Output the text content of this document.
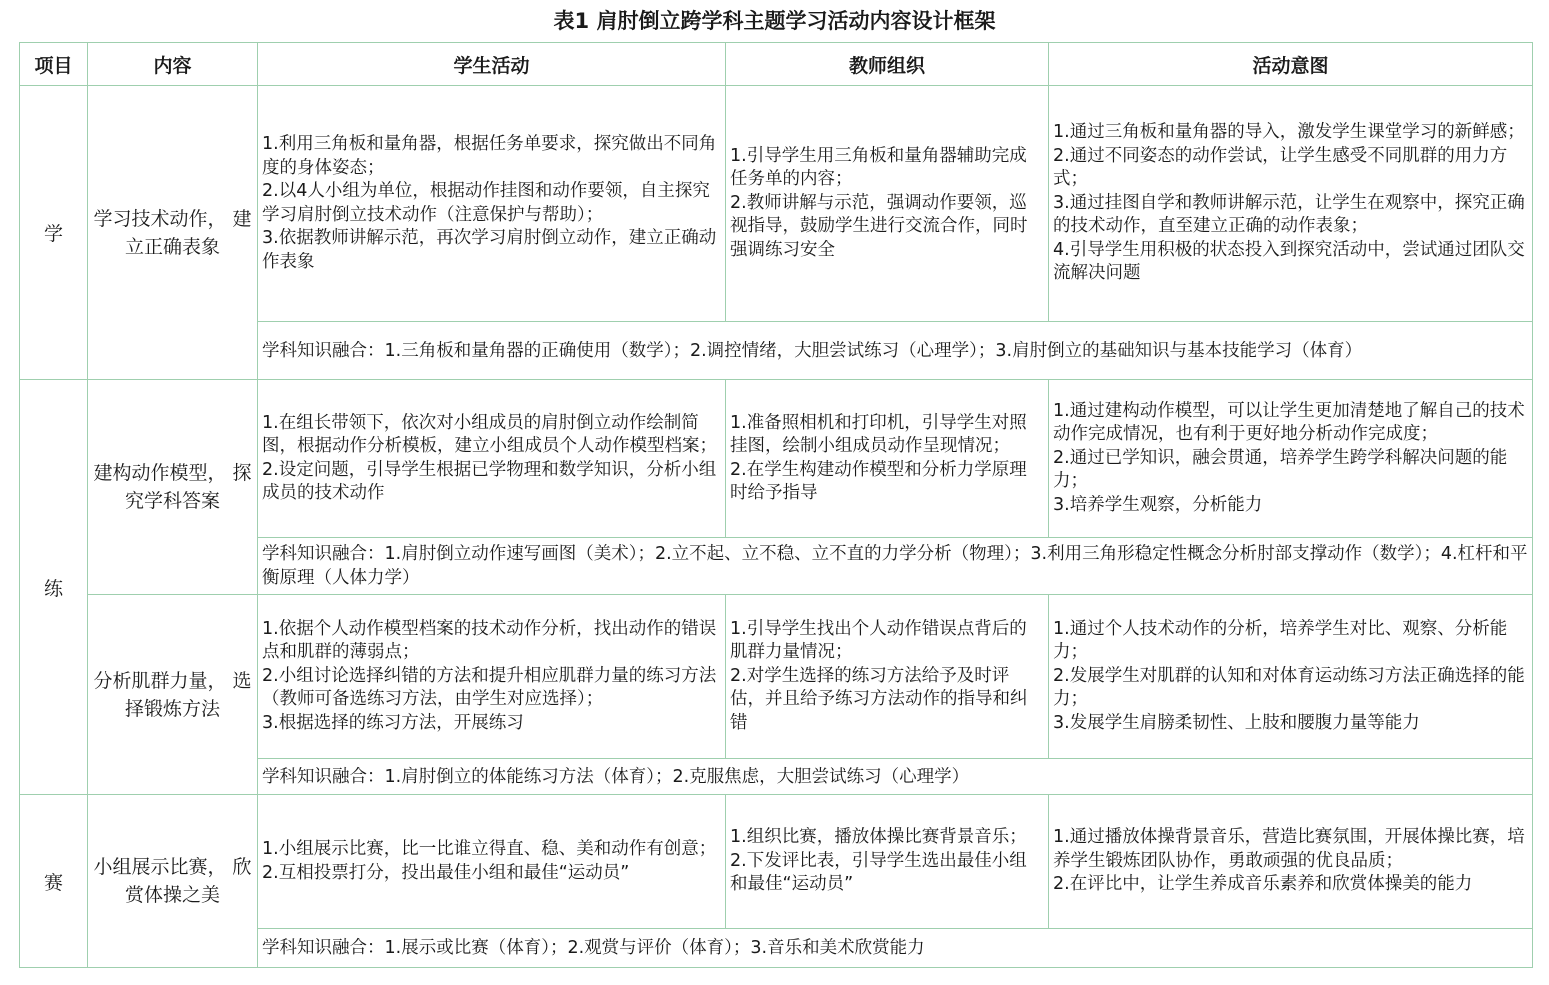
表1 肩肘倒立跨学科主题学习活动内容设计框架
项目	内容	学生活动	教师组织	活动意图
学	学习技术动作， 建立正确表象	1.利用三角板和量角器，根据任务单要求，探究做出不同角度的身体姿态；
2.以4人小组为单位，根据动作挂图和动作要领，自主探究学习肩肘倒立技术动作（注意保护与帮助）；
3.依据教师讲解示范，再次学习肩肘倒立动作，建立正确动作表象	1.引导学生用三角板和量角器辅助完成任务单的内容；
2.教师讲解与示范，强调动作要领，巡视指导，鼓励学生进行交流合作，同时强调练习安全	1.通过三角板和量角器的导入，激发学生课堂学习的新鲜感；
2.通过不同姿态的动作尝试，让学生感受不同肌群的用力方式；
3.通过挂图自学和教师讲解示范，让学生在观察中，探究正确的技术动作，直至建立正确的动作表象；
4.引导学生用积极的状态投入到探究活动中，尝试通过团队交流解决问题
		学科知识融合：1.三角板和量角器的正确使用（数学）；2.调控情绪，大胆尝试练习（心理学）；3.肩肘倒立的基础知识与基本技能学习（体育）		
练	建构动作模型， 探究学科答案	1.在组长带领下，依次对小组成员的肩肘倒立动作绘制简图，根据动作分析模板，建立小组成员个人动作模型档案；
2.设定问题，引导学生根据已学物理和数学知识，分析小组成员的技术动作	1.准备照相机和打印机，引导学生对照挂图，绘制小组成员动作呈现情况；
2.在学生构建动作模型和分析力学原理时给予指导	1.通过建构动作模型，可以让学生更加清楚地了解自己的技术动作完成情况，也有利于更好地分析动作完成度；
2.通过已学知识，融会贯通，培养学生跨学科解决问题的能力；
3.培养学生观察，分析能力
		学科知识融合：1.肩肘倒立动作速写画图（美术）；2.立不起、立不稳、立不直的力学分析（物理）；3.利用三角形稳定性概念分析肘部支撑动作（数学）；4.杠杆和平衡原理（人体力学）		
	分析肌群力量， 选择锻炼方法	1.依据个人动作模型档案的技术动作分析，找出动作的错误点和肌群的薄弱点；
2.小组讨论选择纠错的方法和提升相应肌群力量的练习方法（教师可备选练习方法，由学生对应选择）；
3.根据选择的练习方法，开展练习	1.引导学生找出个人动作错误点背后的肌群力量情况；
2.对学生选择的练习方法给予及时评估，并且给予练习方法动作的指导和纠错	1.通过个人技术动作的分析，培养学生对比、观察、分析能力；
2.发展学生对肌群的认知和对体育运动练习方法正确选择的能力；
3.发展学生肩膀柔韧性、上肢和腰腹力量等能力
		学科知识融合：1.肩肘倒立的体能练习方法（体育）；2.克服焦虑，大胆尝试练习（心理学）		
赛	小组展示比赛， 欣赏体操之美	1.小组展示比赛，比一比谁立得直、稳、美和动作有创意；
2.互相投票打分，投出最佳小组和最佳“运动员”	1.组织比赛，播放体操比赛背景音乐；
2.下发评比表，引导学生选出最佳小组和最佳“运动员”	1.通过播放体操背景音乐，营造比赛氛围，开展体操比赛，培养学生锻炼团队协作，勇敢顽强的优良品质；
2.在评比中，让学生养成音乐素养和欣赏体操美的能力
		学科知识融合：1.展示或比赛（体育）；2.观赏与评价（体育）；3.音乐和美术欣赏能力		
